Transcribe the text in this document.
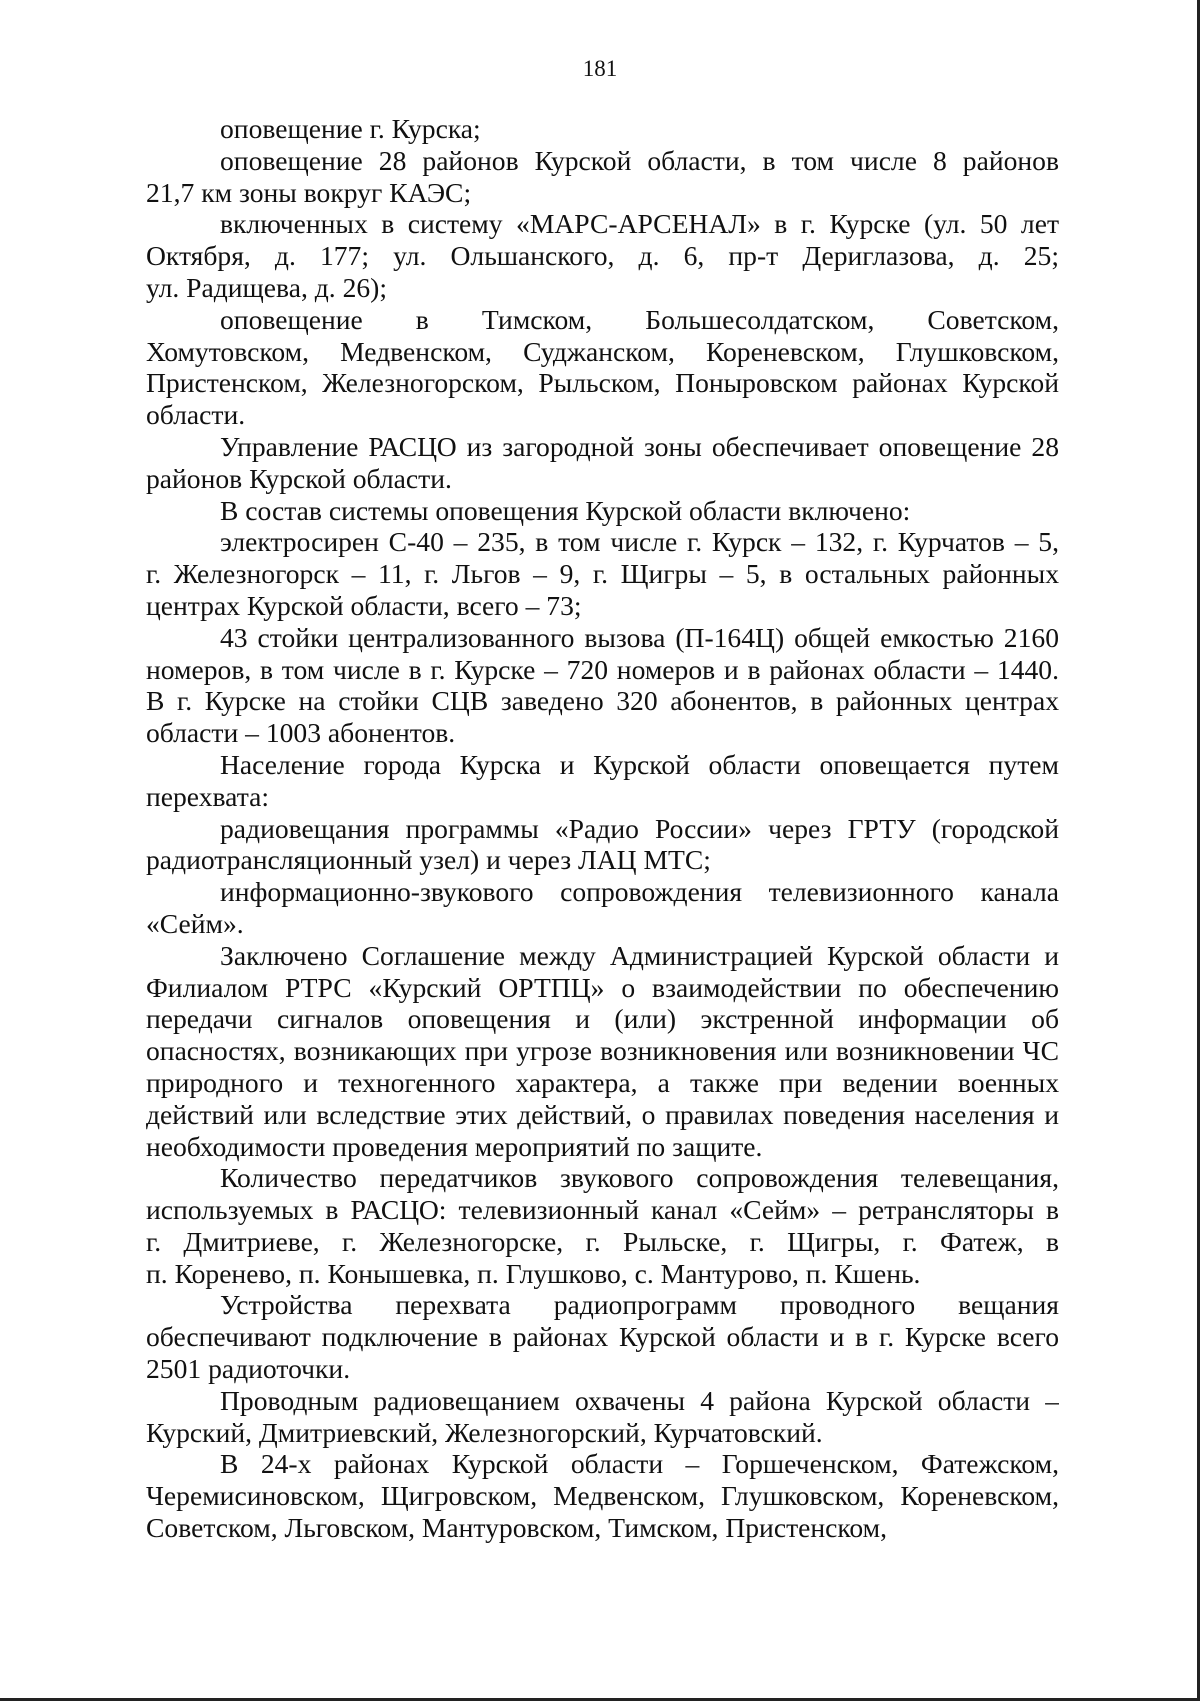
181
оповещение г. Курска;
оповещение 28 районов Курской области, в том числе 8 районов
21,7 км зоны вокруг КАЭС;
включенных в систему «МАРС-АРСЕНАЛ» в г. Курске (ул. 50 лет
Октября, д. 177; ул. Ольшанского, д. 6, пр-т Дериглазова, д. 25;
ул. Радищева, д. 26);
оповещение в Тимском, Большесолдатском, Советском,
Хомутовском, Медвенском, Суджанском, Кореневском, Глушковском,
Пристенском, Железногорском, Рыльском, Поныровском районах Курской
области.
Управление РАСЦО из загородной зоны обеспечивает оповещение 28
районов Курской области.
В состав системы оповещения Курской области включено:
электросирен С-40 – 235, в том числе г. Курск – 132, г. Курчатов – 5,
г. Железногорск – 11, г. Льгов – 9, г. Щигры – 5, в остальных районных
центрах Курской области, всего – 73;
43 стойки централизованного вызова (П-164Ц) общей емкостью 2160
номеров, в том числе в г. Курске – 720 номеров и в районах области – 1440.
В г. Курске на стойки СЦВ заведено 320 абонентов, в районных центрах
области – 1003 абонентов.
Население города Курска и Курской области оповещается путем
перехвата:
радиовещания программы «Радио России» через ГРТУ (городской
радиотрансляционный узел) и через ЛАЦ МТС;
информационно-звукового сопровождения телевизионного канала
«Сейм».
Заключено Соглашение между Администрацией Курской области и
Филиалом РТРС «Курский ОРТПЦ» о взаимодействии по обеспечению
передачи сигналов оповещения и (или) экстренной информации об
опасностях, возникающих при угрозе возникновения или возникновении ЧС
природного и техногенного характера, а также при ведении военных
действий или вследствие этих действий, о правилах поведения населения и
необходимости проведения мероприятий по защите.
Количество передатчиков звукового сопровождения телевещания,
используемых в РАСЦО: телевизионный канал «Сейм» – ретрансляторы в
г. Дмитриеве, г. Железногорске, г. Рыльске, г. Щигры, г. Фатеж, в
п. Коренево, п. Конышевка, п. Глушково, с. Мантурово, п. Кшень.
Устройства перехвата радиопрограмм проводного вещания
обеспечивают подключение в районах Курской области и в г. Курске всего
2501 радиоточки.
Проводным радиовещанием охвачены 4 района Курской области –
Курский, Дмитриевский, Железногорский, Курчатовский.
В 24-х районах Курской области – Горшеченском, Фатежском,
Черемисиновском, Щигровском, Медвенском, Глушковском, Кореневском,
Советском, Льговском, Мантуровском, Тимском, Пристенском,
